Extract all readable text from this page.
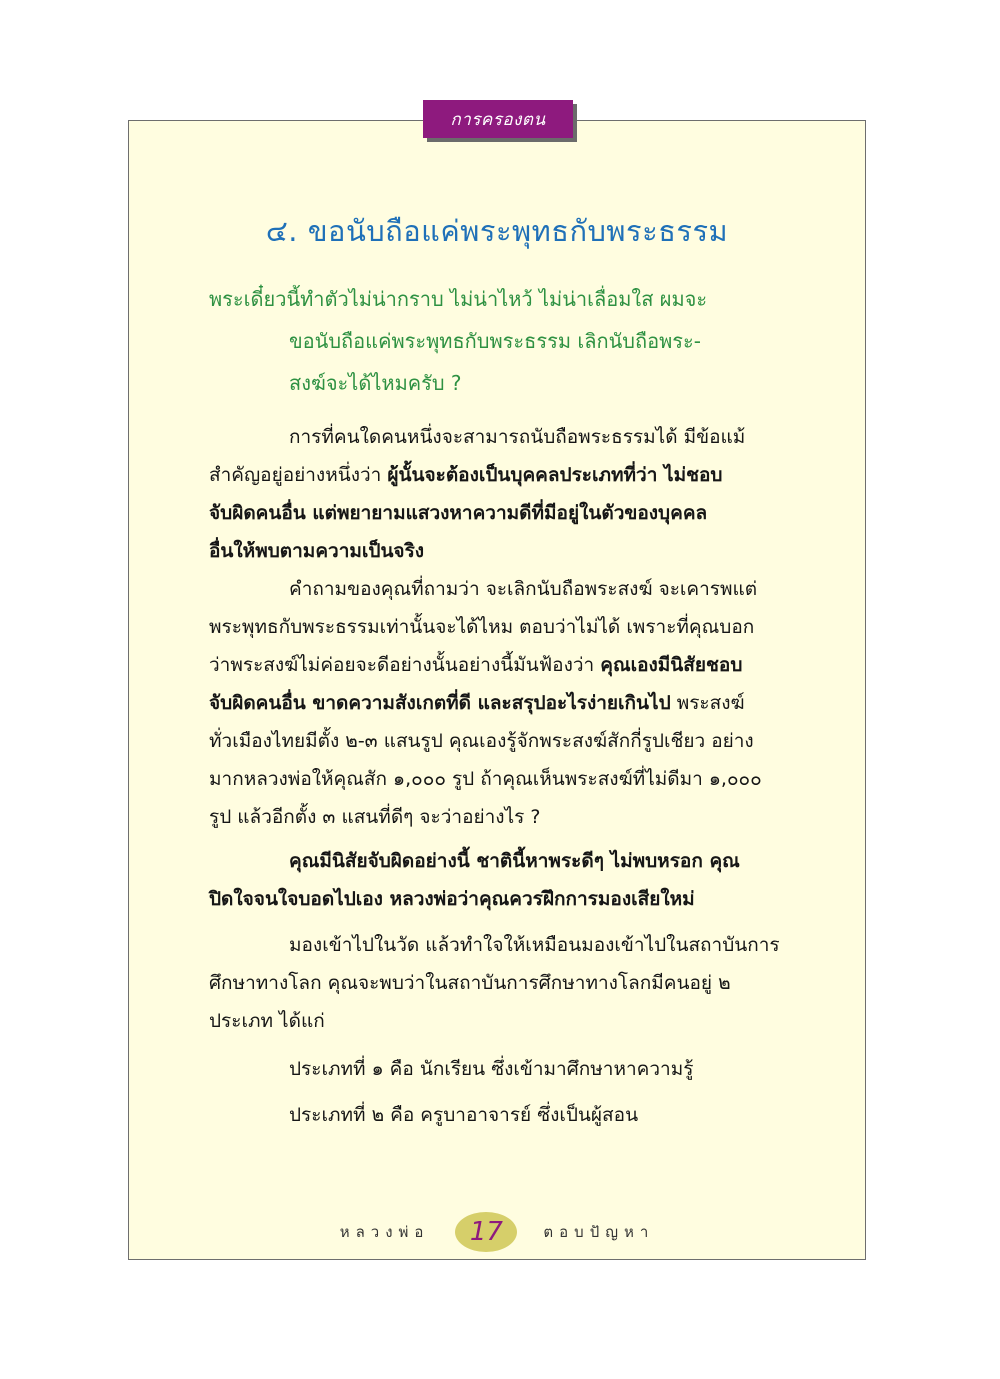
การครองตน
๔. ขอนับถือแค่พระพุทธกับพระธรรม
พระเดี๋ยวนี้ทำตัวไม่น่ากราบ ไม่น่าไหว้ ไม่น่าเลื่อมใส ผมจะ
ขอนับถือแค่พระพุทธกับพระธรรม เลิกนับถือพระ-
สงฆ์จะได้ไหมครับ ?
การที่คนใดคนหนึ่งจะสามารถนับถือพระธรรมได้ มีข้อแม้
สำคัญอยู่อย่างหนึ่งว่า ผู้นั้นจะต้องเป็นบุคคลประเภทที่ว่า ไม่ชอบ
จับผิดคนอื่น แต่พยายามแสวงหาความดีที่มีอยู่ในตัวของบุคคล
อื่นให้พบตามความเป็นจริง
คำถามของคุณที่ถามว่า จะเลิกนับถือพระสงฆ์ จะเคารพแต่
พระพุทธกับพระธรรมเท่านั้นจะได้ไหม ตอบว่าไม่ได้ เพราะที่คุณบอก
ว่าพระสงฆ์ไม่ค่อยจะดีอย่างนั้นอย่างนี้มันฟ้องว่า คุณเองมีนิสัยชอบ
จับผิดคนอื่น ขาดความสังเกตที่ดี และสรุปอะไรง่ายเกินไป พระสงฆ์
ทั่วเมืองไทยมีตั้ง ๒-๓ แสนรูป คุณเองรู้จักพระสงฆ์สักกี่รูปเชียว อย่าง
มากหลวงพ่อให้คุณสัก ๑,๐๐๐ รูป ถ้าคุณเห็นพระสงฆ์ที่ไม่ดีมา ๑,๐๐๐
รูป แล้วอีกตั้ง ๓ แสนที่ดีๆ จะว่าอย่างไร ?
คุณมีนิสัยจับผิดอย่างนี้ ชาตินี้หาพระดีๆ ไม่พบหรอก คุณ
ปิดใจจนใจบอดไปเอง หลวงพ่อว่าคุณควรฝึกการมองเสียใหม่
มองเข้าไปในวัด แล้วทำใจให้เหมือนมองเข้าไปในสถาบันการ
ศึกษาทางโลก คุณจะพบว่าในสถาบันการศึกษาทางโลกมีคนอยู่ ๒
ประเภท ได้แก่
ประเภทที่ ๑ คือ นักเรียน ซึ่งเข้ามาศึกษาหาความรู้
ประเภทที่ ๒ คือ ครูบาอาจารย์ ซึ่งเป็นผู้สอน
หลวงพ่อ	17	ตอบปัญหา
